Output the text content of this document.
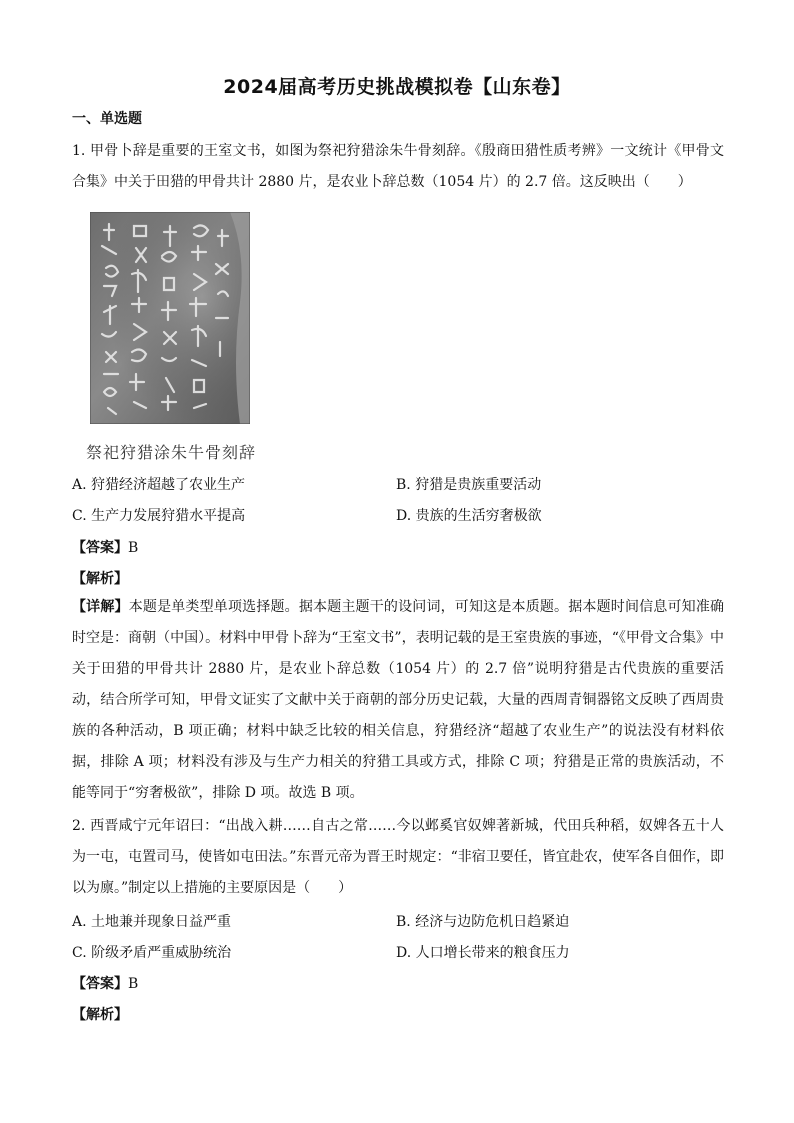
2024届高考历史挑战模拟卷【山东卷】
一、单选题

1. 甲骨卜辞是重要的王室文书，如图为祭祀狩猎涂朱牛骨刻辞。《殷商田猎性质考辨》一文统计《甲骨文合集》中关于田猎的甲骨共计 2880 片，是农业卜辞总数（1054 片）的 2.7 倍。这反映出（　　）

祭祀狩猎涂朱牛骨刻辞
A. 狩猎经济超越了农业生产	B. 狩猎是贵族重要活动
C. 生产力发展狩猎水平提高	D. 贵族的生活穷奢极欲
【答案】B
【解析】

【详解】本题是单类型单项选择题。据本题主题干的设问词，可知这是本质题。据本题时间信息可知准确时空是：商朝（中国）。材料中甲骨卜辞为“王室文书”，表明记载的是王室贵族的事迹，“《甲骨文合集》中关于田猎的甲骨共计 2880 片，是农业卜辞总数（1054 片）的 2.7 倍”说明狩猎是古代贵族的重要活动，结合所学可知，甲骨文证实了文献中关于商朝的部分历史记载，大量的西周青铜器铭文反映了西周贵族的各种活动，B 项正确；材料中缺乏比较的相关信息，狩猎经济“超越了农业生产”的说法没有材料依据，排除 A 项；材料没有涉及与生产力相关的狩猎工具或方式，排除 C 项；狩猎是正常的贵族活动，不能等同于“穷奢极欲”，排除 D 项。故选 B 项。

2. 西晋咸宁元年诏曰：“出战入耕……自古之常……今以邺奚官奴婢著新城，代田兵种稻，奴婢各五十人为一屯，屯置司马，使皆如屯田法。”东晋元帝为晋王时规定：“非宿卫要任，皆宜赴农，使军各自佃作，即以为廪。”制定以上措施的主要原因是（　　）

A. 土地兼并现象日益严重	B. 经济与边防危机日趋紧迫
C. 阶级矛盾严重威胁统治	D. 人口增长带来的粮食压力
【答案】B
【解析】
